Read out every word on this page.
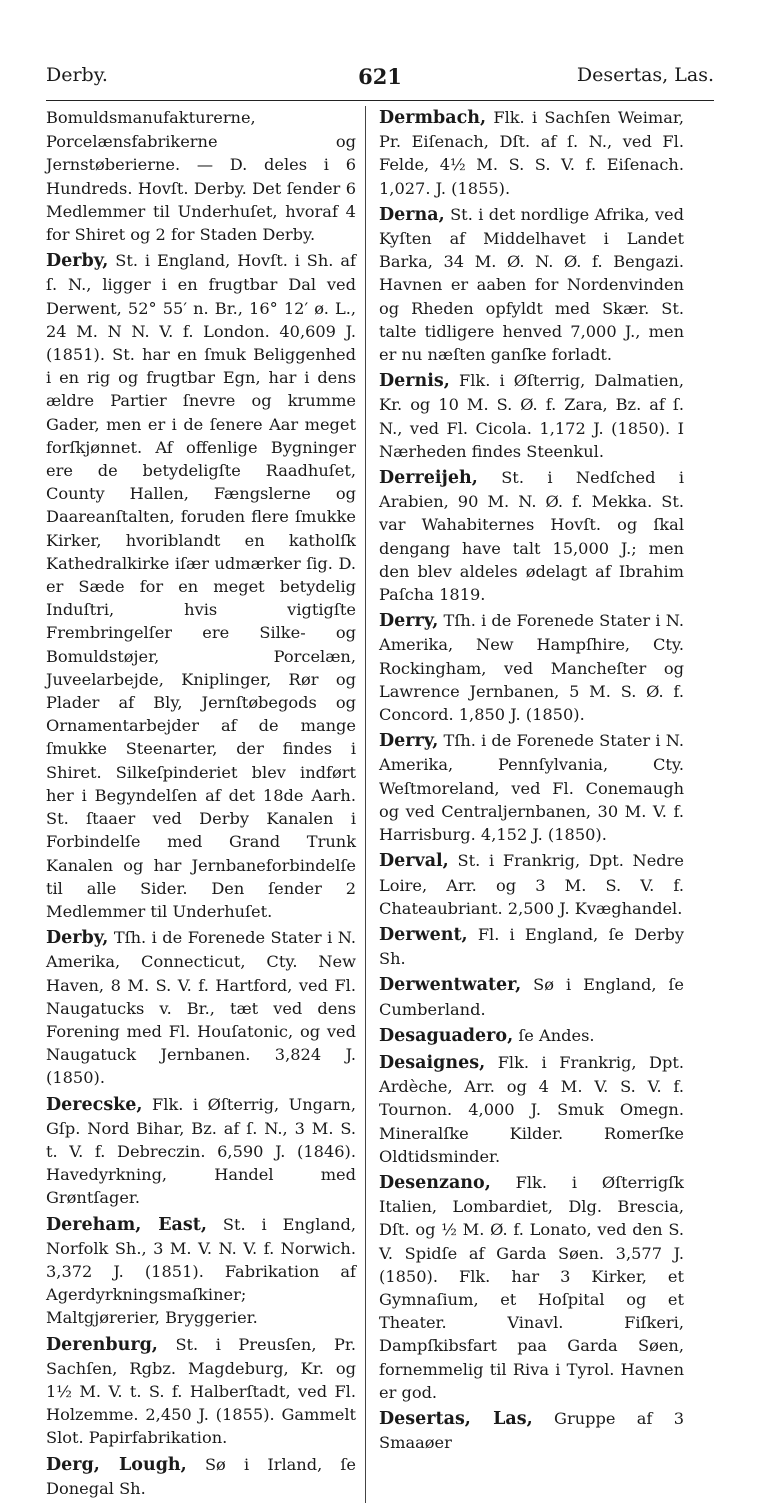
Derby.	621	Desertas, Las.

Bomuldsmanufakturerne, Porcelænsfabrikerne og Jernstøberierne. — D. deles i 6 Hundreds. Hovſt. Derby. Det ſender 6 Medlemmer til Underhuſet, hvoraf 4 for Shiret og 2 for Staden Derby.

Derby, St. i England, Hovſt. i Sh. af ſ. N., ligger i en frugtbar Dal ved Derwent, 52° 55′ n. Br., 16° 12′ ø. L., 24 M. N N. V. f. London. 40,609 J. (1851). St. har en ſmuk Beliggenhed i en rig og frugtbar Egn, har i dens ældre Partier ſnevre og krumme Gader, men er i de ſenere Aar meget forſkjønnet. Af offenlige Bygninger ere de betydeligſte Raadhuſet, County Hallen, Fængslerne og Daareanſtalten, foruden flere ſmukke Kirker, hvoriblandt en katholſk Kathedralkirke iſær udmærker ſig. D. er Sæde for en meget betydelig Induſtri, hvis vigtigſte Frembringelſer ere Silke- og Bomuldstøjer, Porcelæn, Juveelarbejde, Kniplinger, Rør og Plader af Bly, Jernſtøbegods og Ornamentarbejder af de mange ſmukke Steenarter, der findes i Shiret. Silkeſpinderiet blev indført her i Begyndelſen af det 18de Aarh. St. ſtaaer ved Derby Kanalen i Forbindelſe med Grand Trunk Kanalen og har Jernbaneforbindelſe til alle Sider. Den ſender 2 Medlemmer til Underhuſet.

Derby, Tſh. i de Forenede Stater i N. Amerika, Connecticut, Cty. New Haven, 8 M. S. V. f. Hartford, ved Fl. Naugatucks v. Br., tæt ved dens Forening med Fl. Houſatonic, og ved Naugatuck Jernbanen. 3,824 J. (1850).

Derecske, Flk. i Øſterrig, Ungarn, Gſp. Nord Bihar, Bz. af ſ. N., 3 M. S. t. V. f. Debreczin. 6,590 J. (1846). Havedyrkning, Handel med Grøntſager.

Dereham, East, St. i England, Norfolk Sh., 3 M. V. N. V. f. Norwich. 3,372 J. (1851). Fabrikation af Agerdyrkningsmaſkiner; Maltgjørerier, Bryggerier.

Derenburg, St. i Preusſen, Pr. Sachſen, Rgbz. Magdeburg, Kr. og 1½ M. V. t. S. f. Halberſtadt, ved Fl. Holzemme. 2,450 J. (1855). Gammelt Slot. Papirfabrikation.

Derg, Lough, Sø i Irland, ſe Donegal Sh.

Dermbach, Flk. i Sachſen Weimar, Pr. Eiſenach, Dſt. af ſ. N., ved Fl. Felde, 4½ M. S. S. V. f. Eiſenach. 1,027. J. (1855).

Derna, St. i det nordlige Afrika, ved Kyſten af Middelhavet i Landet Barka, 34 M. Ø. N. Ø. f. Bengazi. Havnen er aaben for Nordenvinden og Rheden opfyldt med Skær. St. talte tidligere henved 7,000 J., men er nu næſten ganſke forladt.

Dernis, Flk. i Øſterrig, Dalmatien, Kr. og 10 M. S. Ø. f. Zara, Bz. af ſ. N., ved Fl. Cicola. 1,172 J. (1850). I Nærheden findes Steenkul.

Derreijeh, St. i Nedſched i Arabien, 90 M. N. Ø. f. Mekka. St. var Wahabiternes Hovſt. og ſkal dengang have talt 15,000 J.; men den blev aldeles ødelagt af Ibrahim Paſcha 1819.

Derry, Tſh. i de Forenede Stater i N. Amerika, New Hampſhire, Cty. Rockingham, ved Mancheſter og Lawrence Jernbanen, 5 M. S. Ø. f. Concord. 1,850 J. (1850).

Derry, Tſh. i de Forenede Stater i N. Amerika, Pennſylvania, Cty. Weſtmoreland, ved Fl. Conemaugh og ved Centraljernbanen, 30 M. V. f. Harrisburg. 4,152 J. (1850).

Derval, St. i Frankrig, Dpt. Nedre Loire, Arr. og 3 M. S. V. f. Chateaubriant. 2,500 J. Kvæghandel.

Derwent, Fl. i England, ſe Derby Sh.

Derwentwater, Sø i England, ſe Cumberland.

Desaguadero, ſe Andes.

Desaignes, Flk. i Frankrig, Dpt. Ardèche, Arr. og 4 M. V. S. V. f. Tournon. 4,000 J. Smuk Omegn. Mineralſke Kilder. Romerſke Oldtidsminder.

Desenzano, Flk. i Øſterrigſk Italien, Lombardiet, Dlg. Brescia, Dſt. og ½ M. Ø. f. Lonato, ved den S. V. Spidſe af Garda Søen. 3,577 J. (1850). Flk. har 3 Kirker, et Gymnaſium, et Hoſpital og et Theater. Vinavl. Fiſkeri, Dampſkibsfart paa Garda Søen, fornemmelig til Riva i Tyrol. Havnen er god.

Desertas, Las, Gruppe af 3 Smaaøer
